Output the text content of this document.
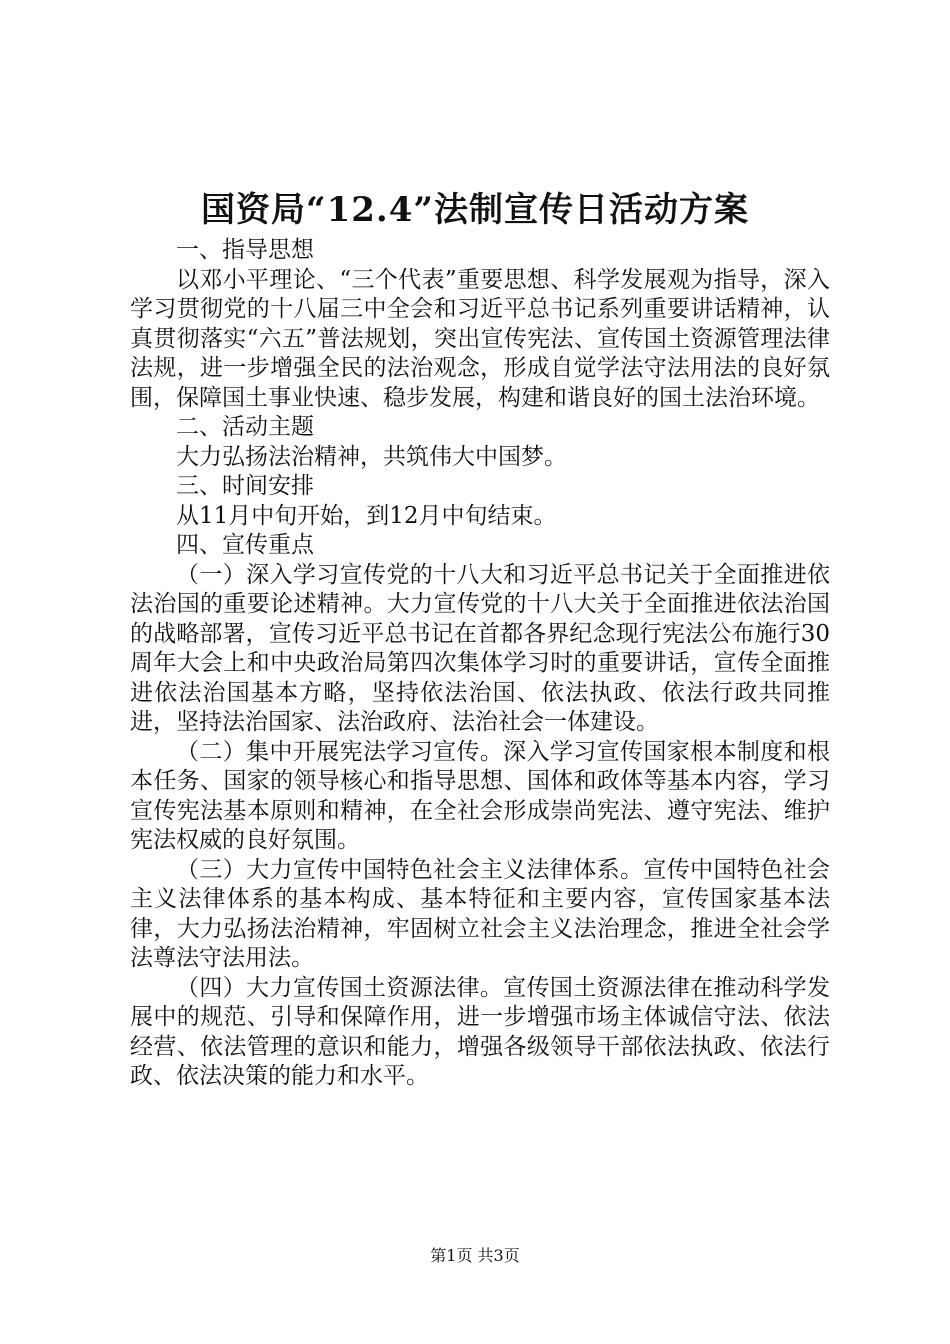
国资局“12.4”法制宣传日活动方案

一、指导思想

以邓小平理论、“三个代表”重要思想、科学发展观为指导，深入学习贯彻党的十八届三中全会和习近平总书记系列重要讲话精神，认真贯彻落实“六五”普法规划，突出宣传宪法、宣传国土资源管理法律法规，进一步增强全民的法治观念，形成自觉学法守法用法的良好氛围，保障国土事业快速、稳步发展，构建和谐良好的国土法治环境。

二、活动主题

大力弘扬法治精神，共筑伟大中国梦。

三、时间安排

从11月中旬开始，到12月中旬结束。

四、宣传重点

（一）深入学习宣传党的十八大和习近平总书记关于全面推进依法治国的重要论述精神。大力宣传党的十八大关于全面推进依法治国的战略部署，宣传习近平总书记在首都各界纪念现行宪法公布施行30周年大会上和中央政治局第四次集体学习时的重要讲话，宣传全面推进依法治国基本方略，坚持依法治国、依法执政、依法行政共同推进，坚持法治国家、法治政府、法治社会一体建设。

（二）集中开展宪法学习宣传。深入学习宣传国家根本制度和根本任务、国家的领导核心和指导思想、国体和政体等基本内容，学习宣传宪法基本原则和精神，在全社会形成崇尚宪法、遵守宪法、维护宪法权威的良好氛围。

（三）大力宣传中国特色社会主义法律体系。宣传中国特色社会主义法律体系的基本构成、基本特征和主要内容，宣传国家基本法律，大力弘扬法治精神，牢固树立社会主义法治理念，推进全社会学法尊法守法用法。

（四）大力宣传国土资源法律。宣传国土资源法律在推动科学发展中的规范、引导和保障作用，进一步增强市场主体诚信守法、依法经营、依法管理的意识和能力，增强各级领导干部依法执政、依法行政、依法决策的能力和水平。

第1页 共3页
